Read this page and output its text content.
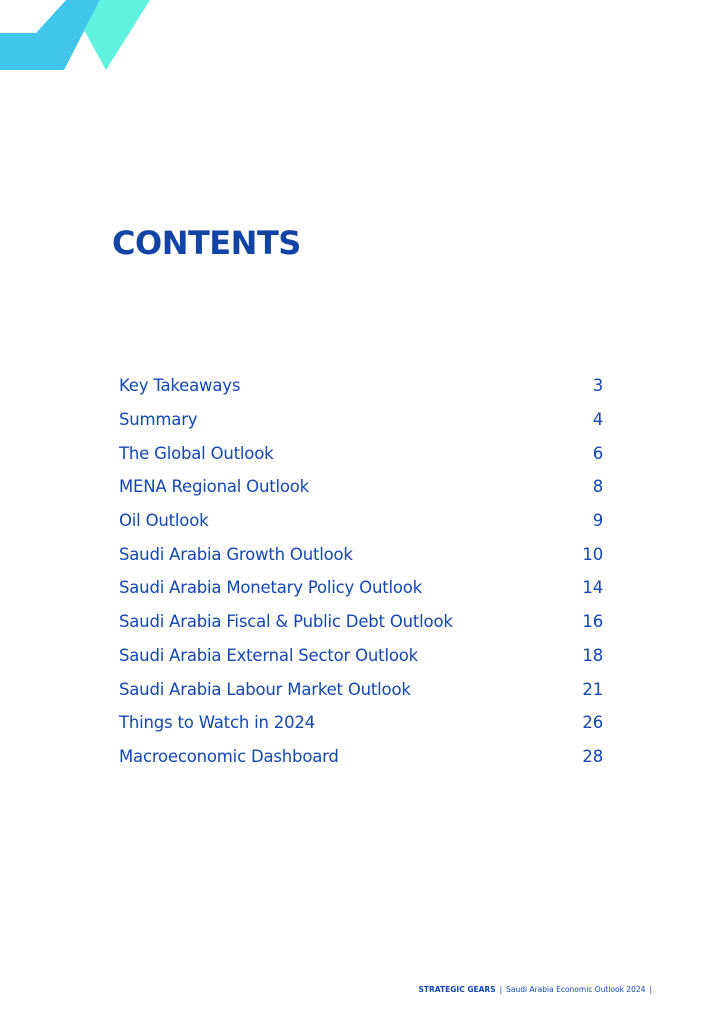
CONTENTS
Key Takeaways	3
Summary	4
The Global Outlook	6
MENA Regional Outlook	8
Oil Outlook	9
Saudi Arabia Growth Outlook	10
Saudi Arabia Monetary Policy Outlook	14
Saudi Arabia Fiscal & Public Debt Outlook	16
Saudi Arabia External Sector Outlook	18
Saudi Arabia Labour Market Outlook	21
Things to Watch in 2024	26
Macroeconomic Dashboard	28
STRATEGIC GEARS | Saudi Arabia Economic Outlook 2024 |
